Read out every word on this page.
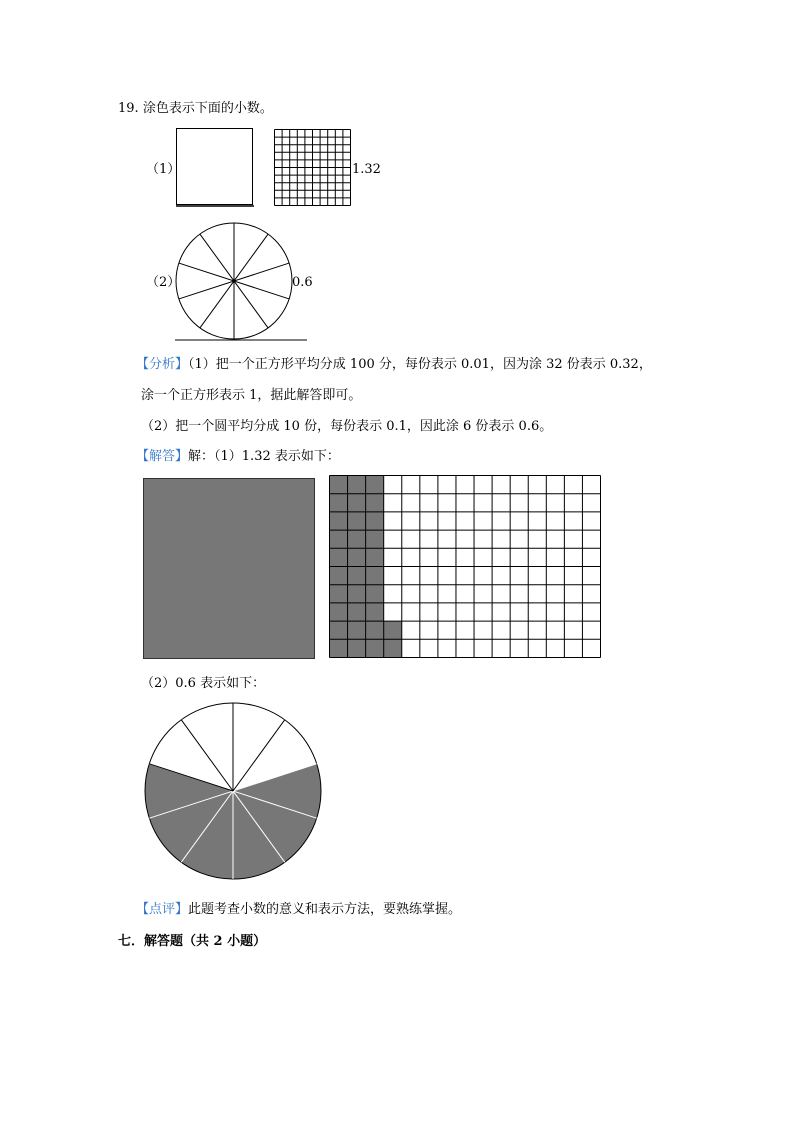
19. 涂色表示下面的小数。
（1）	1.32
（2）	0.6
【分析】（1）把一个正方形平均分成 100 分，每份表示 0.01，因为涂 32 份表示 0.32，
涂一个正方形表示 1，据此解答即可。
（2）把一个圆平均分成 10 份，每份表示 0.1，因此涂 6 份表示 0.6。
【解答】解：（1）1.32 表示如下：
（2）0.6 表示如下：
【点评】此题考查小数的意义和表示方法，要熟练掌握。
七．解答题（共 2 小题）
